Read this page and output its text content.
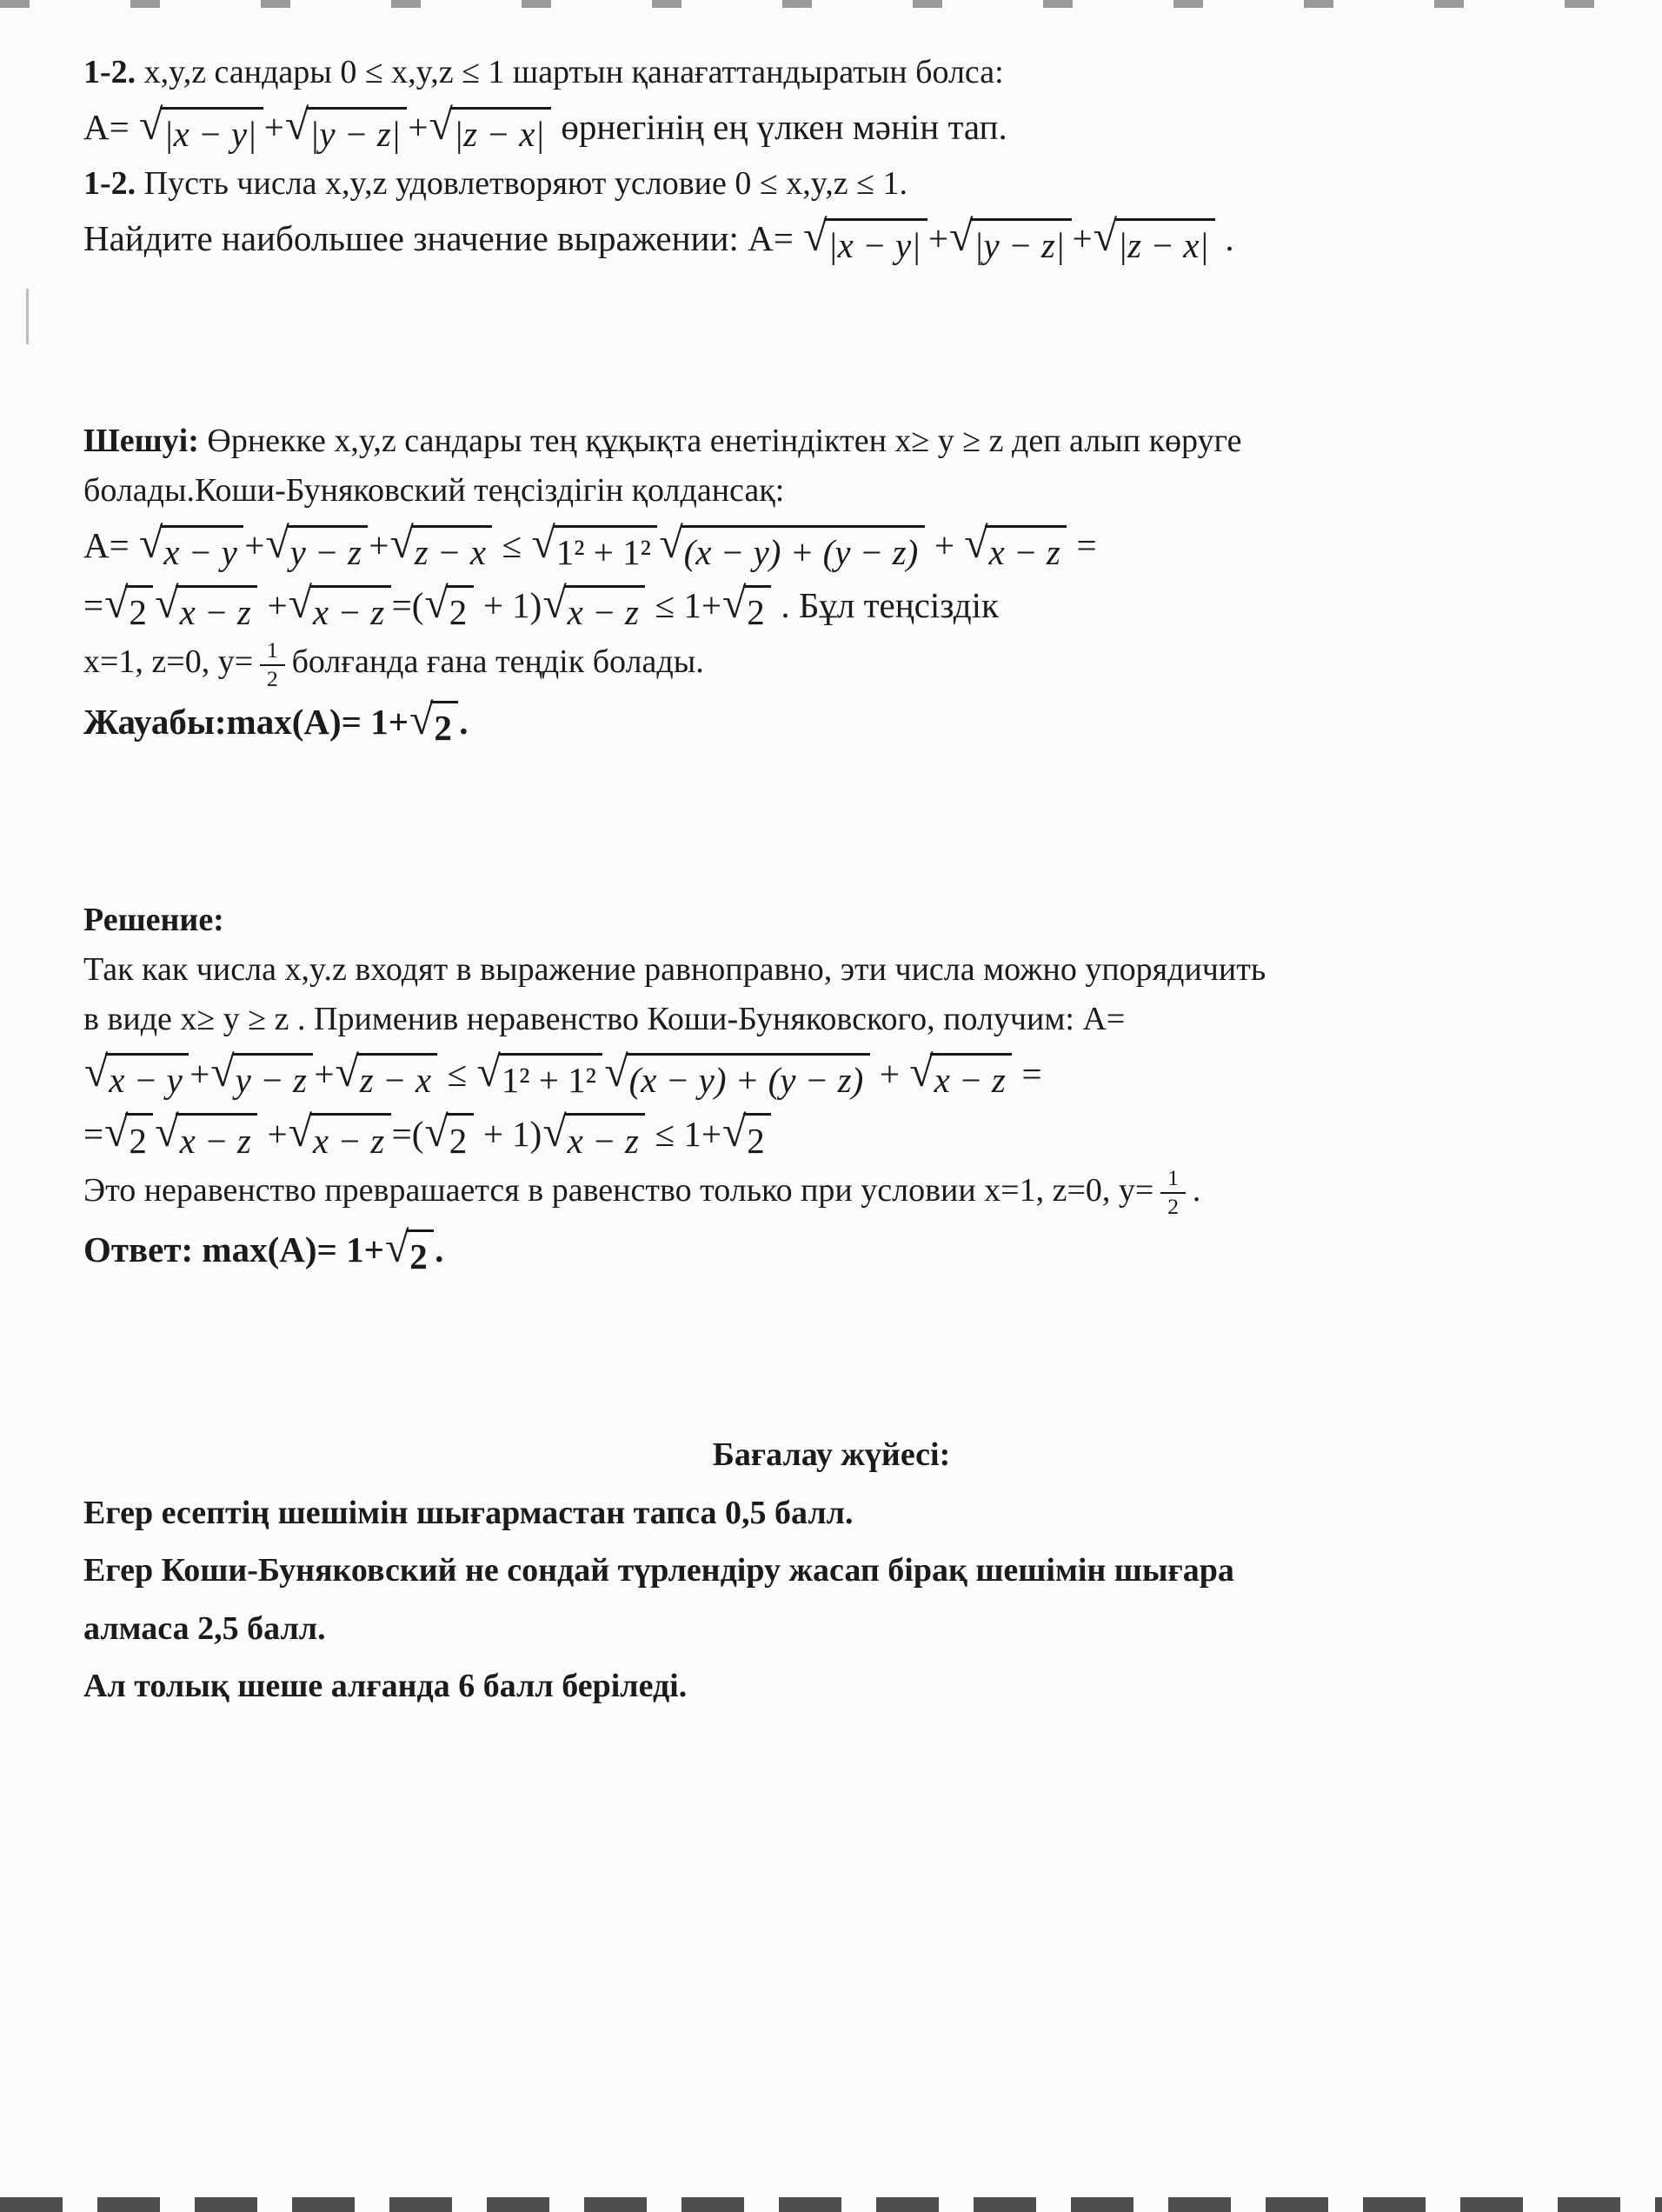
1-2. x,y,z сандары 0 ≤ x,y,z ≤ 1 шартын қанағаттандыратын болса:

А= √ |x − y| + √ |y − z| + √ |z − x| өрнегінің ең үлкен мәнін тап.

1-2. Пусть числа x,y,z удовлетворяют условие 0 ≤ x,y,z ≤ 1.

Найдите наибольшее значение выражении: А= √ |x − y| + √ |y − z| + √ |z − x| .

Шешуі: Өрнекке x,y,z сандары тең құқықта енетіндіктен x≥ y ≥ z деп алып көруге
болады.Коши-Буняковский теңсіздігін қолдансақ:

А= √ x − y + √ y − z + √ z − x ≤ √ 1² + 1² √ (x − y) + (y − z) + √ x − z =

= √ 2 √ x − z + √ x − z =( √ 2 + 1) √ x − z ≤ 1+ √ 2 . Бұл теңсіздік

x=1, z=0, $y= \frac{1}{2}$ болғанда ғана теңдік болады.

Жауабы:max(А)= 1+ √ 2 .

Решение:

Так как числа x,y.z входят в выражение равноправно, эти числа можно упорядичить
в виде x≥ y ≥ z . Применив неравенство Коши-Буняковского, получим: А=

√ x − y + √ y − z + √ z − x ≤ √ 1² + 1² √ (x − y) + (y − z) + √ x − z =

= √ 2 √ x − z + √ x − z =( √ 2 + 1) √ x − z ≤ 1+ √ 2

Это неравенство преврашается в равенство только при условии x=1, z=0, $y= \frac{1}{2}$ .

Ответ: max(А)= 1+ √ 2 .

Бағалау жүйесі:

Егер есептің шешімін шығармастан тапса 0,5 балл.

Егер Коши-Буняковский не сондай түрлендіру жасап бірақ шешімін шығара
алмаса 2,5 балл.

Ал толық шеше алғанда 6 балл беріледі.
